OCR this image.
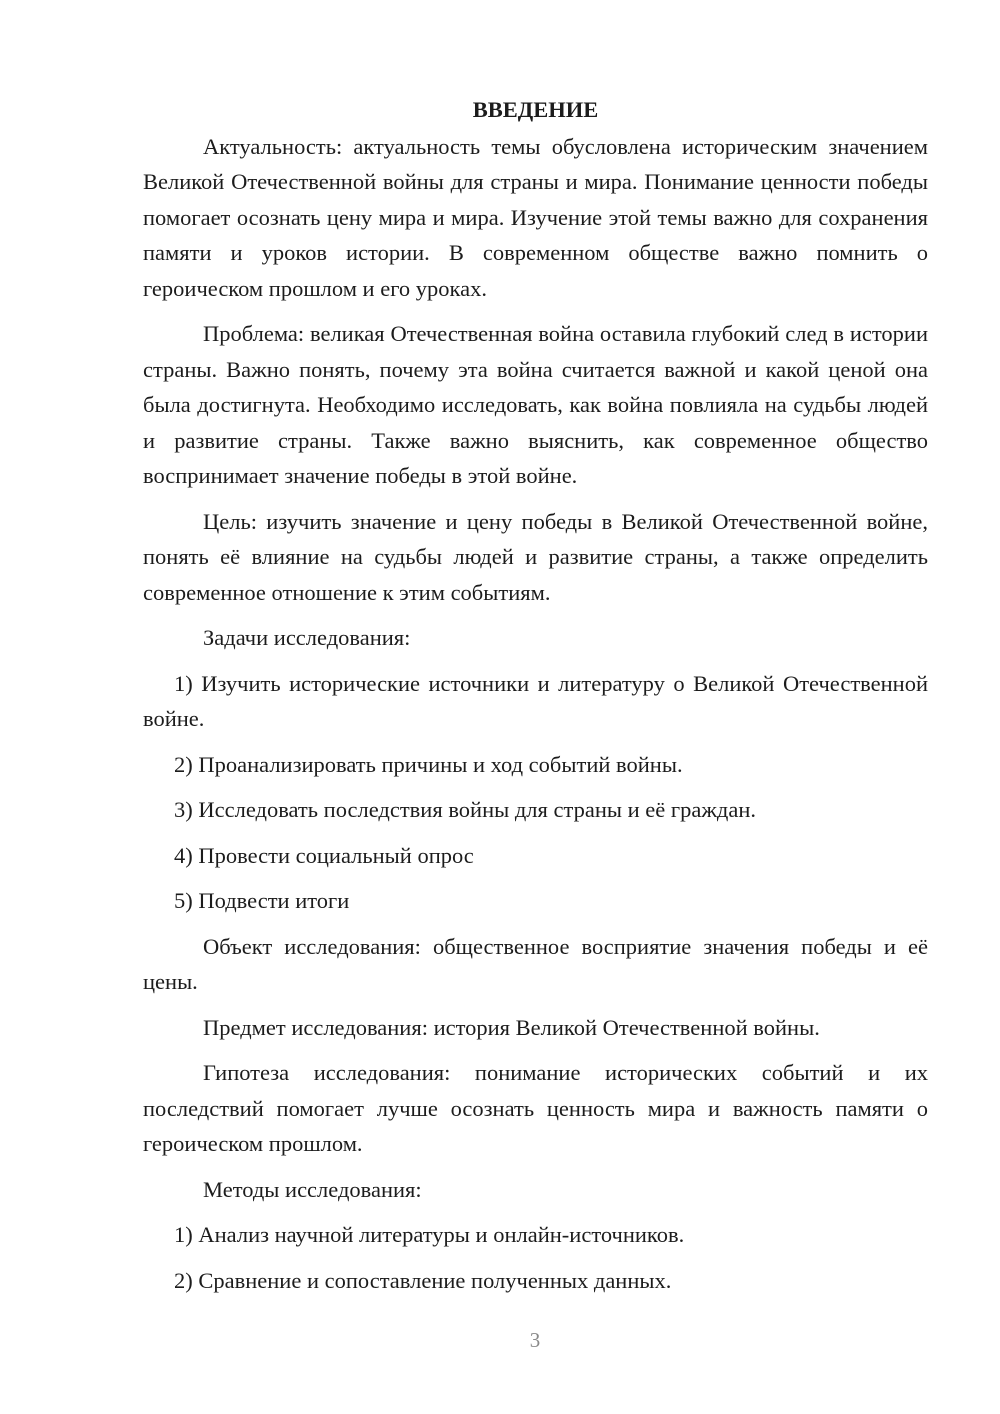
ВВЕДЕНИЕ

Актуальность: актуальность темы обусловлена историческим значением Великой Отечественной войны для страны и мира. Понимание ценности победы помогает осознать цену мира и мира. Изучение этой темы важно для сохранения памяти и уроков истории. В современном обществе важно помнить о героическом прошлом и его уроках.

Проблема: великая Отечественная война оставила глубокий след в истории страны. Важно понять, почему эта война считается важной и какой ценой она была достигнута. Необходимо исследовать, как война повлияла на судьбы людей и развитие страны. Также важно выяснить, как современное общество воспринимает значение победы в этой войне.

Цель: изучить значение и цену победы в Великой Отечественной войне, понять её влияние на судьбы людей и развитие страны, а также определить современное отношение к этим событиям.

Задачи исследования:

1) Изучить исторические источники и литературу о Великой Отечественной войне.

2) Проанализировать причины и ход событий войны.

3) Исследовать последствия войны для страны и её граждан.

4) Провести социальный опрос

5) Подвести итоги

Объект исследования: общественное восприятие значения победы и её цены.

Предмет исследования: история Великой Отечественной войны.

Гипотеза исследования: понимание исторических событий и их последствий помогает лучше осознать ценность мира и важность памяти о героическом прошлом.

Методы исследования:

1) Анализ научной литературы и онлайн-источников.

2) Сравнение и сопоставление полученных данных.

3
